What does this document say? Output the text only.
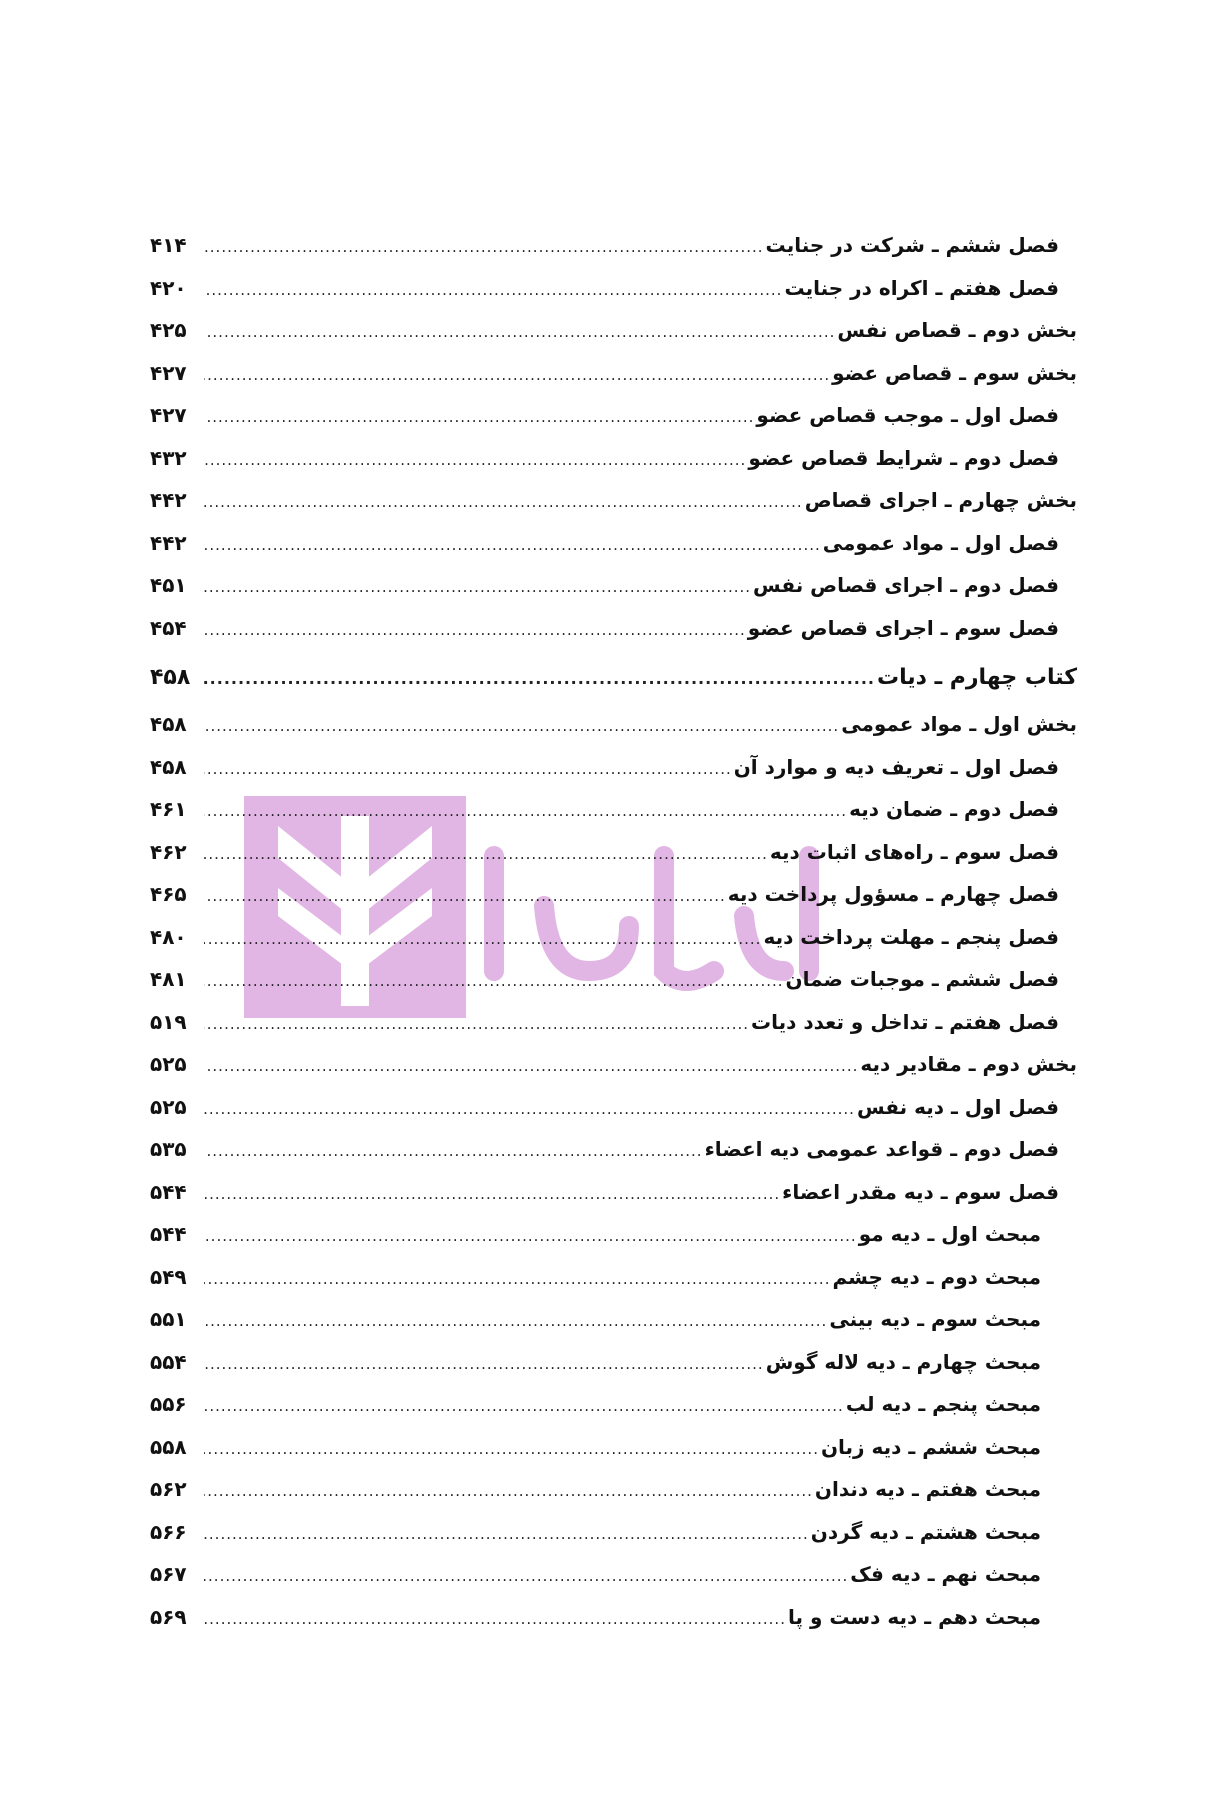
فصل ششم ـ شرکت در جنایت
.....
۴۱۴
فصل هفتم ـ اکراه در جنایت
.....
۴۲۰
بخش دوم ـ قصاص نفس
.....
۴۲۵
بخش سوم ـ قصاص عضو
.....
۴۲۷
فصل اول ـ موجب قصاص عضو
.....
۴۲۷
فصل دوم ـ شرایط قصاص عضو
.....
۴۳۲
بخش چهارم ـ اجرای قصاص
.....
۴۴۲
فصل اول ـ مواد عمومی
.....
۴۴۲
فصل دوم ـ اجرای قصاص نفس
.....
۴۵۱
فصل سوم ـ اجرای قصاص عضو
.....
۴۵۴
کتاب چهارم ـ دیات
.....
۴۵۸
بخش اول ـ مواد عمومی
.....
۴۵۸
فصل اول ـ تعریف دیه و موارد آن
.....
۴۵۸
فصل دوم ـ ضمان دیه
.....
۴۶۱
فصل سوم ـ راه‌های اثبات دیه
.....
۴۶۲
فصل چهارم ـ مسؤول پرداخت دیه
.....
۴۶۵
فصل پنجم ـ مهلت پرداخت دیه
.....
۴۸۰
فصل ششم ـ موجبات ضمان
.....
۴۸۱
فصل هفتم ـ تداخل و تعدد دیات
.....
۵۱۹
بخش دوم ـ مقادیر دیه
.....
۵۲۵
فصل اول ـ دیه نفس
.....
۵۲۵
فصل دوم ـ قواعد عمومی دیه اعضاء
.....
۵۳۵
فصل سوم ـ دیه مقدر اعضاء
.....
۵۴۴
مبحث اول ـ دیه مو
.....
۵۴۴
مبحث دوم ـ دیه چشم
.....
۵۴۹
مبحث سوم ـ دیه بینی
.....
۵۵۱
مبحث چهارم ـ دیه لاله گوش
.....
۵۵۴
مبحث پنجم ـ دیه لب
.....
۵۵۶
مبحث ششم ـ دیه زبان
.....
۵۵۸
مبحث هفتم ـ دیه دندان
.....
۵۶۲
مبحث هشتم ـ دیه گردن
.....
۵۶۶
مبحث نهم ـ دیه فک
.....
۵۶۷
مبحث دهم ـ دیه دست و پا
.....
۵۶۹
